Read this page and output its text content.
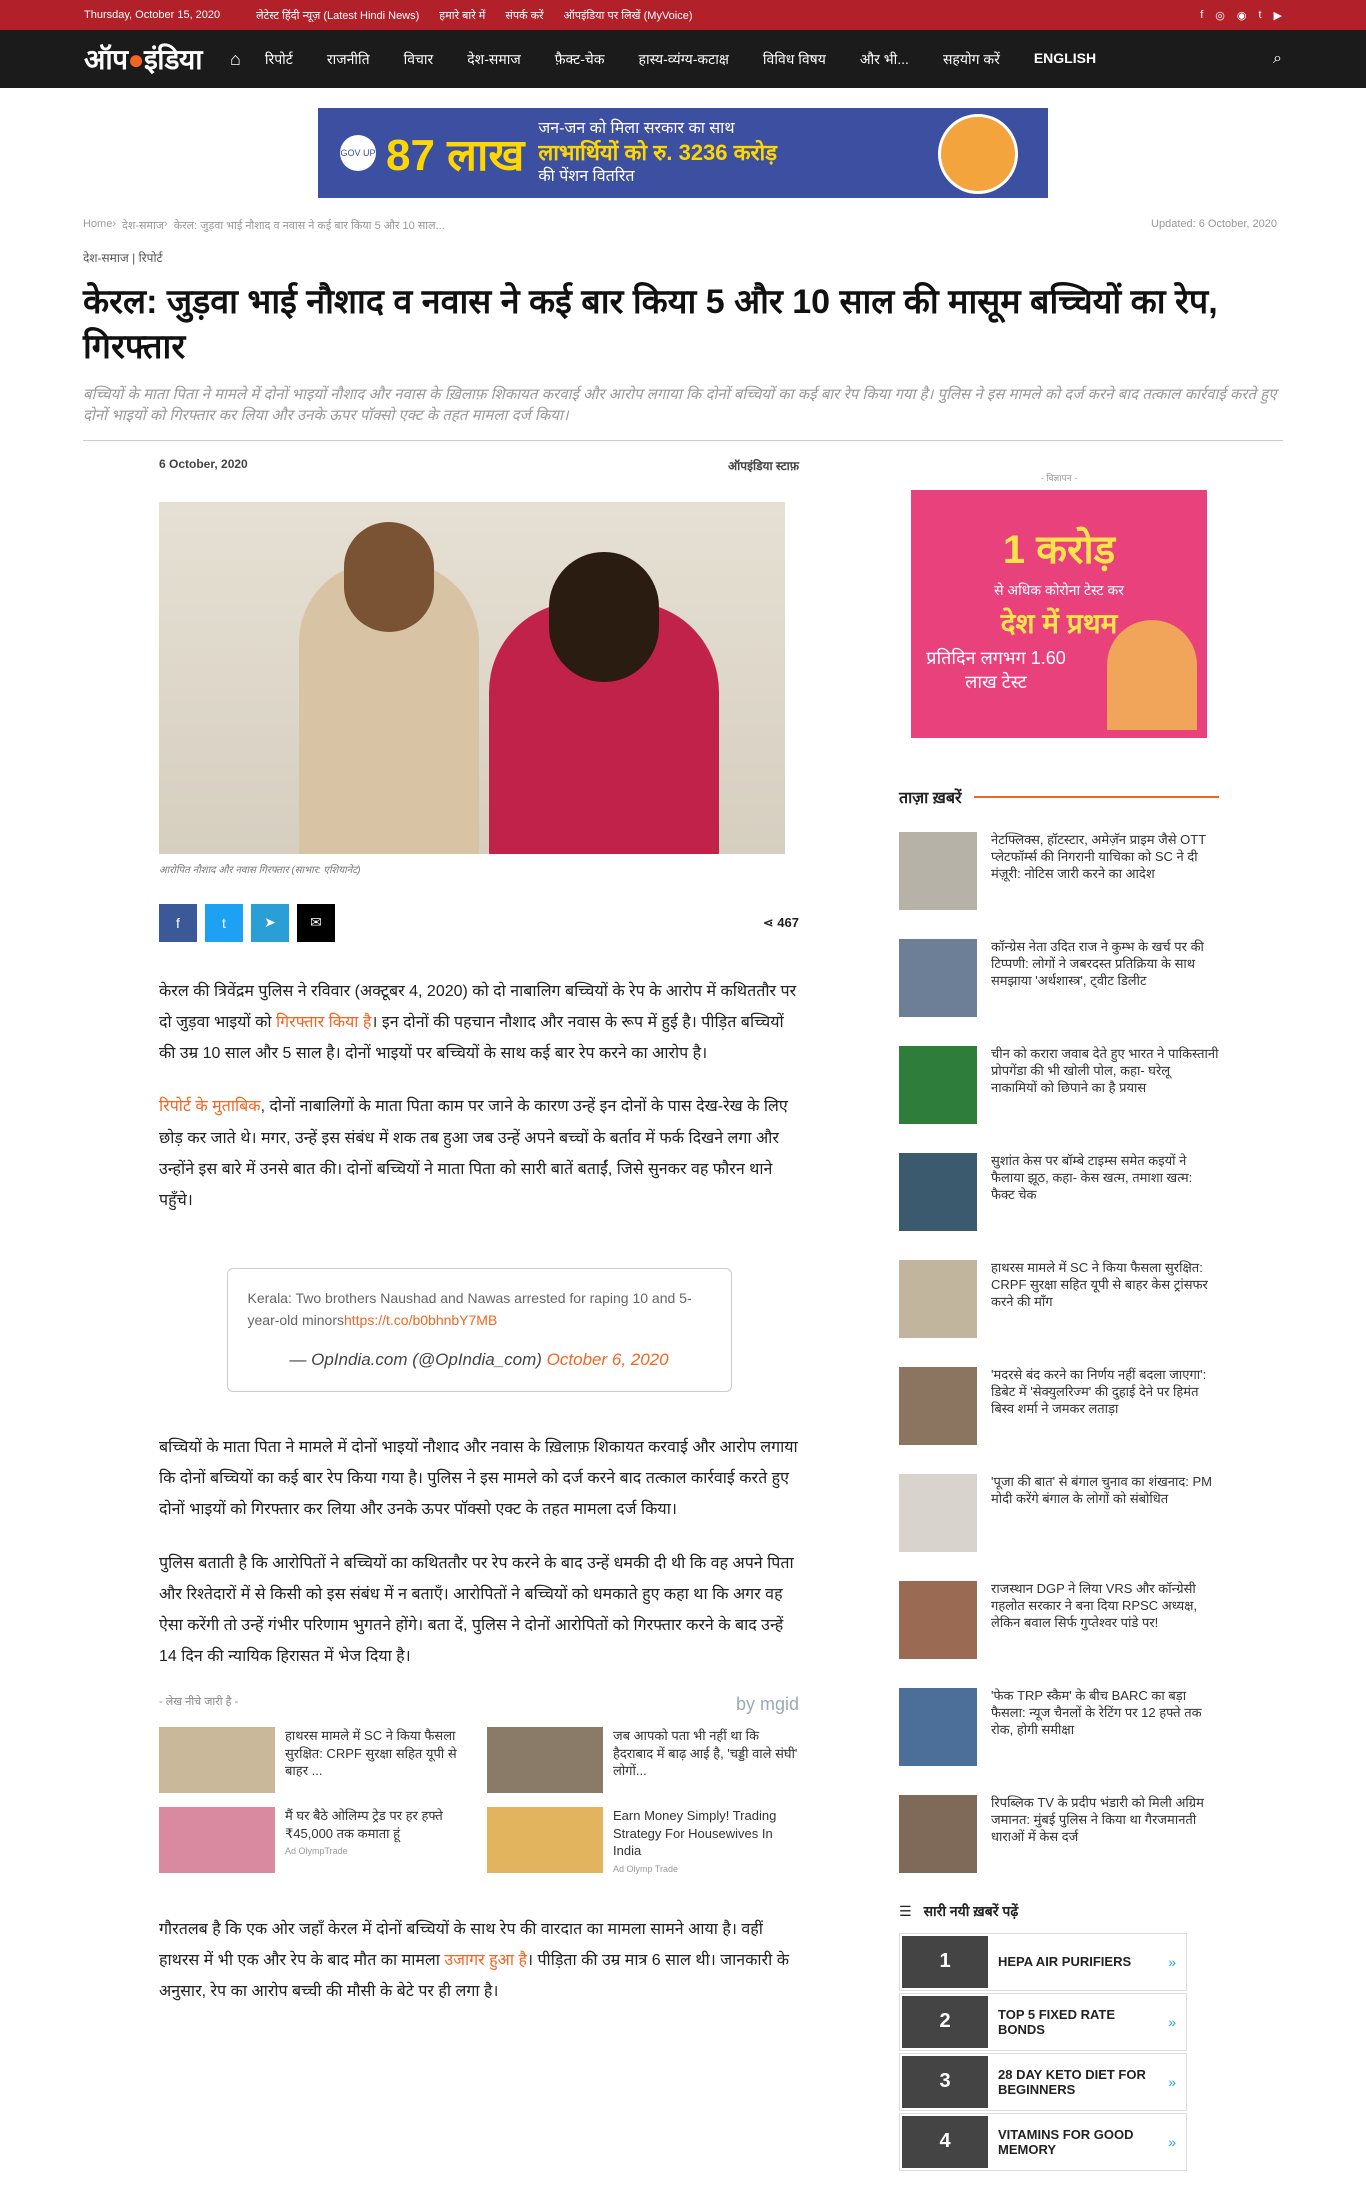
Thursday, October 15, 2020	लेटेस्ट हिंदी न्यूज़ (Latest Hindi News) हमारे बारे में संपर्क करें ऑपइंडिया पर लिखें (MyVoice)	f ◎ ◉ t ▶
ऑप●इंडिया ⌂ रिपोर्ट राजनीति विचार देश-समाज फ़ैक्ट-चेक हास्य-व्यंग्य-कटाक्ष विविध विषय और भी... सहयोग करें ENGLISH	⌕
GOV UP 87 लाख
जन-जन को मिला सरकार का साथ
लाभार्थियों को रु. 3236 करोड़
की पेंशन वितरित
Home › देश-समाज › केरल: जुड़वा भाई नौशाद व नवास ने कई बार किया 5 और 10 साल...	Updated: 6 October, 2020
देश-समाज | रिपोर्ट
केरल: जुड़वा भाई नौशाद व नवास ने कई बार किया 5 और 10 साल की मासूम बच्चियों का रेप, गिरफ्तार
बच्चियों के माता पिता ने मामले में दोनों भाइयों नौशाद और नवास के ख़िलाफ़ शिकायत करवाई और आरोप लगाया कि दोनों बच्चियों का कई बार रेप किया गया है। पुलिस ने इस मामले को दर्ज करने बाद तत्काल कार्रवाई करते हुए दोनों भाइयों को गिरफ्तार कर लिया और उनके ऊपर पॉक्सो एक्ट के तहत मामला दर्ज किया।
6 October, 2020	ऑपइंडिया स्टाफ़
आरोपित नौशाद और नवास गिरफ्तार (साभार: एशियानेट)
f	t	➤	✉	⋖ 467

केरल की त्रिवेंद्रम पुलिस ने रविवार (अक्टूबर 4, 2020) को दो नाबालिग बच्चियों के रेप के आरोप में कथिततौर पर दो जुड़वा भाइयों को गिरफ्तार किया है। इन दोनों की पहचान नौशाद और नवास के रूप में हुई है। पीड़ित बच्चियों की उम्र 10 साल और 5 साल है। दोनों भाइयों पर बच्चियों के साथ कई बार रेप करने का आरोप है।

रिपोर्ट के मुताबिक, दोनों नाबालिगों के माता पिता काम पर जाने के कारण उन्हें इन दोनों के पास देख-रेख के लिए छोड़ कर जाते थे। मगर, उन्हें इस संबंध में शक तब हुआ जब उन्हें अपने बच्चों के बर्ताव में फर्क दिखने लगा और उन्होंने इस बारे में उनसे बात की। दोनों बच्चियों ने माता पिता को सारी बातें बताईं, जिसे सुनकर वह फौरन थाने पहुँचे।

Kerala: Two brothers Naushad and Nawas arrested for raping 10 and 5-year-old minorshttps://t.co/b0bhnbY7MB
— OpIndia.com (@OpIndia_com) October 6, 2020

बच्चियों के माता पिता ने मामले में दोनों भाइयों नौशाद और नवास के ख़िलाफ़ शिकायत करवाई और आरोप लगाया कि दोनों बच्चियों का कई बार रेप किया गया है। पुलिस ने इस मामले को दर्ज करने बाद तत्काल कार्रवाई करते हुए दोनों भाइयों को गिरफ्तार कर लिया और उनके ऊपर पॉक्सो एक्ट के तहत मामला दर्ज किया।

पुलिस बताती है कि आरोपितों ने बच्चियों का कथिततौर पर रेप करने के बाद उन्हें धमकी दी थी कि वह अपने पिता और रिश्तेदारों में से किसी को इस संबंध में न बताएँ। आरोपितों ने बच्चियों को धमकाते हुए कहा था कि अगर वह ऐसा करेंगी तो उन्हें गंभीर परिणाम भुगतने होंगे। बता दें, पुलिस ने दोनों आरोपितों को गिरफ्तार करने के बाद उन्हें 14 दिन की न्यायिक हिरासत में भेज दिया है।

- लेख नीचे जारी है -	by mgid
हाथरस मामले में SC ने किया फैसला सुरक्षित: CRPF सुरक्षा सहित यूपी से बाहर ...
जब आपको पता भी नहीं था कि हैदराबाद में बाढ़ आई है, 'चड्डी वाले संघी' लोगों...
मैं घर बैठे ओलिम्प ट्रेड पर हर हफ्ते ₹45,000 तक कमाता हूं
Ad OlympTrade
Earn Money Simply! Trading Strategy For Housewives In India
Ad Olymp Trade

गौरतलब है कि एक ओर जहाँ केरल में दोनों बच्चियों के साथ रेप की वारदात का मामला सामने आया है। वहीं हाथरस में भी एक और रेप के बाद मौत का मामला उजागर हुआ है। पीड़िता की उम्र मात्र 6 साल थी। जानकारी के अनुसार, रेप का आरोप बच्ची की मौसी के बेटे पर ही लगा है।

- विज्ञापन -
1 करोड़
से अधिक कोरोना टेस्ट कर
देश में प्रथम
प्रतिदिन लगभग 1.60 लाख टेस्ट
ताज़ा ख़बरें
नेटफ्लिक्स, हॉटस्टार, अमेज़ॅन प्राइम जैसे OTT प्लेटफॉर्म्स की निगरानी याचिका को SC ने दी मंज़ूरी: नोटिस जारी करने का आदेश
कॉन्ग्रेस नेता उदित राज ने कुम्भ के खर्च पर की टिप्पणी: लोगों ने जबरदस्त प्रतिक्रिया के साथ समझाया 'अर्थशास्त्र', ट्वीट डिलीट
चीन को करारा जवाब देते हुए भारत ने पाकिस्तानी प्रोपगेंडा की भी खोली पोल, कहा- घरेलू नाकामियों को छिपाने का है प्रयास
सुशांत केस पर बॉम्बे टाइम्स समेत कइयों ने फैलाया झूठ, कहा- केस खत्म, तमाशा खत्म: फैक्ट चेक
हाथरस मामले में SC ने किया फैसला सुरक्षित: CRPF सुरक्षा सहित यूपी से बाहर केस ट्रांसफर करने की माँग
'मदरसे बंद करने का निर्णय नहीं बदला जाएगा': डिबेट में 'सेक्युलरिज्म' की दुहाई देने पर हिमंत बिस्व शर्मा ने जमकर लताड़ा
'पूजा की बात' से बंगाल चुनाव का शंखनाद: PM मोदी करेंगे बंगाल के लोगों को संबोधित
राजस्थान DGP ने लिया VRS और कॉन्ग्रेसी गहलोत सरकार ने बना दिया RPSC अध्यक्ष, लेकिन बवाल सिर्फ गुप्तेश्वर पांडे पर!
'फेक TRP स्कैम' के बीच BARC का बड़ा फैसला: न्यूज चैनलों के रेटिंग पर 12 हफ्ते तक रोक, होगी समीक्षा
रिपब्लिक TV के प्रदीप भंडारी को मिली अग्रिम जमानत: मुंबई पुलिस ने किया था गैरजमानती धाराओं में केस दर्ज
☰ सारी नयी ख़बरें पढ़ें
1	HEPA AIR PURIFIERS	»
2	TOP 5 FIXED RATE BONDS	»
3	28 DAY KETO DIET FOR BEGINNERS	»
4	VITAMINS FOR GOOD MEMORY	»
